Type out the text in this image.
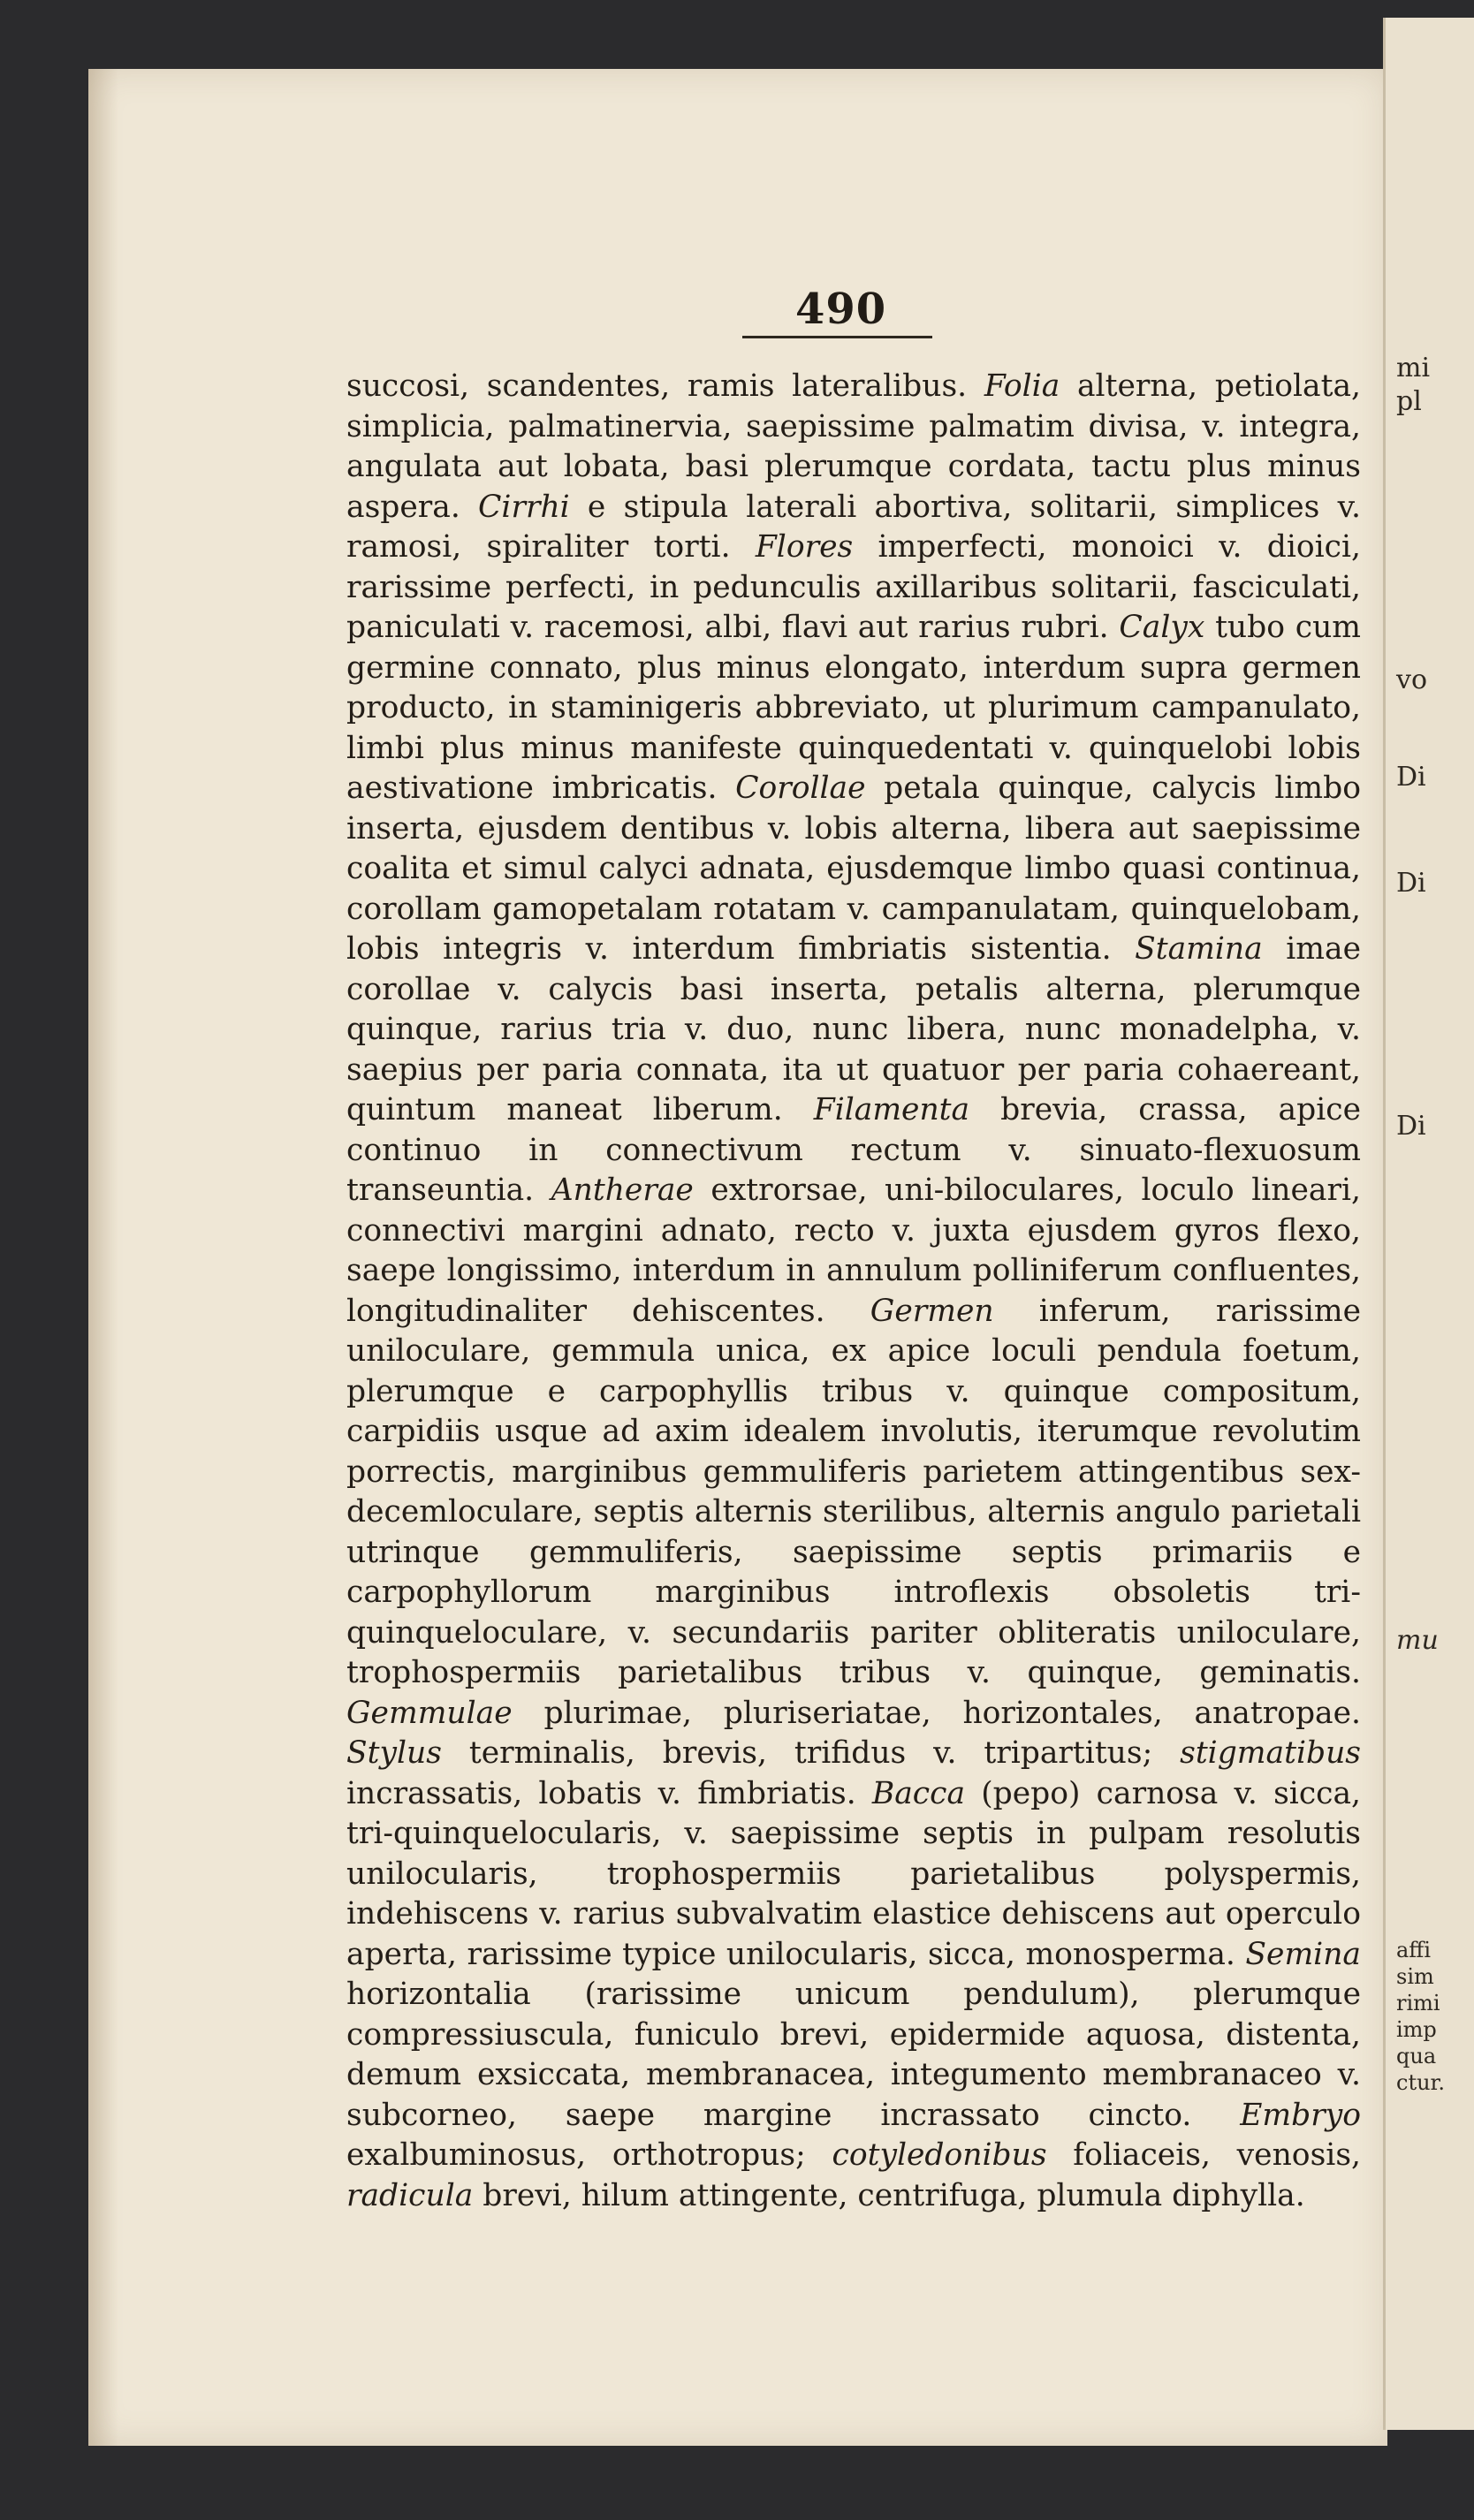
490

succosi, scandentes, ramis lateralibus. Folia alterna, petiolata, simplicia, palmatinervia, saepissime palmatim divisa, v. integra, angulata aut lobata, basi plerumque cordata, tactu plus minus aspera. Cirrhi e stipula laterali abortiva, solitarii, simplices v. ramosi, spiraliter torti. Flores imperfecti, monoici v. dioici, rarissime perfecti, in pedunculis axillaribus solitarii, fasciculati, paniculati v. racemosi, albi, flavi aut rarius rubri. Calyx tubo cum germine connato, plus minus elongato, interdum supra germen producto, in staminigeris abbreviato, ut plurimum campanulato, limbi plus minus manifeste quinquedentati v. quinquelobi lobis aestivatione imbricatis. Corollae petala quinque, calycis limbo inserta, ejusdem dentibus v. lobis alterna, libera aut saepissime coalita et simul calyci adnata, ejusdemque limbo quasi continua, corollam gamopetalam rotatam v. campanulatam, quinquelobam, lobis integris v. interdum fimbriatis sistentia. Stamina imae corollae v. calycis basi inserta, petalis alterna, plerumque quinque, rarius tria v. duo, nunc libera, nunc monadelpha, v. saepius per paria connata, ita ut quatuor per paria cohaereant, quintum maneat liberum. Filamenta brevia, crassa, apice continuo in connectivum rectum v. sinuato-flexuosum transeuntia. Antherae extrorsae, uni-biloculares, loculo lineari, connectivi margini adnato, recto v. juxta ejusdem gyros flexo, saepe longissimo, interdum in annulum polliniferum confluentes, longitudinaliter dehiscentes. Germen inferum, rarissime uniloculare, gemmula unica, ex apice loculi pendula foetum, plerumque e carpophyllis tribus v. quinque compositum, carpidiis usque ad axim idealem involutis, iterumque revolutim porrectis, marginibus gemmuliferis parietem attingentibus sex-decemloculare, septis alternis sterilibus, alternis angulo parietali utrinque gemmuliferis, saepissime septis primariis e carpophyllorum marginibus introflexis obsoletis tri-quinqueloculare, v. secundariis pariter obliteratis uniloculare, trophospermiis parietalibus tribus v. quinque, geminatis. Gemmulae plurimae, pluriseriatae, horizontales, anatropae. Stylus terminalis, brevis, trifidus v. tripartitus; stigmatibus incrassatis, lobatis v. fimbriatis. Bacca (pepo) carnosa v. sicca, tri-quinquelocularis, v. saepissime septis in pulpam resolutis unilocularis, trophospermiis parietalibus polyspermis, indehiscens v. rarius subvalvatim elastice dehiscens aut operculo aperta, rarissime typice unilocularis, sicca, monosperma. Semina horizontalia (rarissime unicum pendulum), plerumque compressiuscula, funiculo brevi, epidermide aquosa, distenta, demum exsiccata, membranacea, integumento membranaceo v. subcorneo, saepe margine incrassato cincto. Embryo exalbuminosus, orthotropus; cotyledonibus foliaceis, venosis, radicula brevi, hilum attingente, centrifuga, plumula diphylla.

mi
pl
vo
Di
Di
Di
mu
affi
sim
rimi
imp
qua
ctur.
